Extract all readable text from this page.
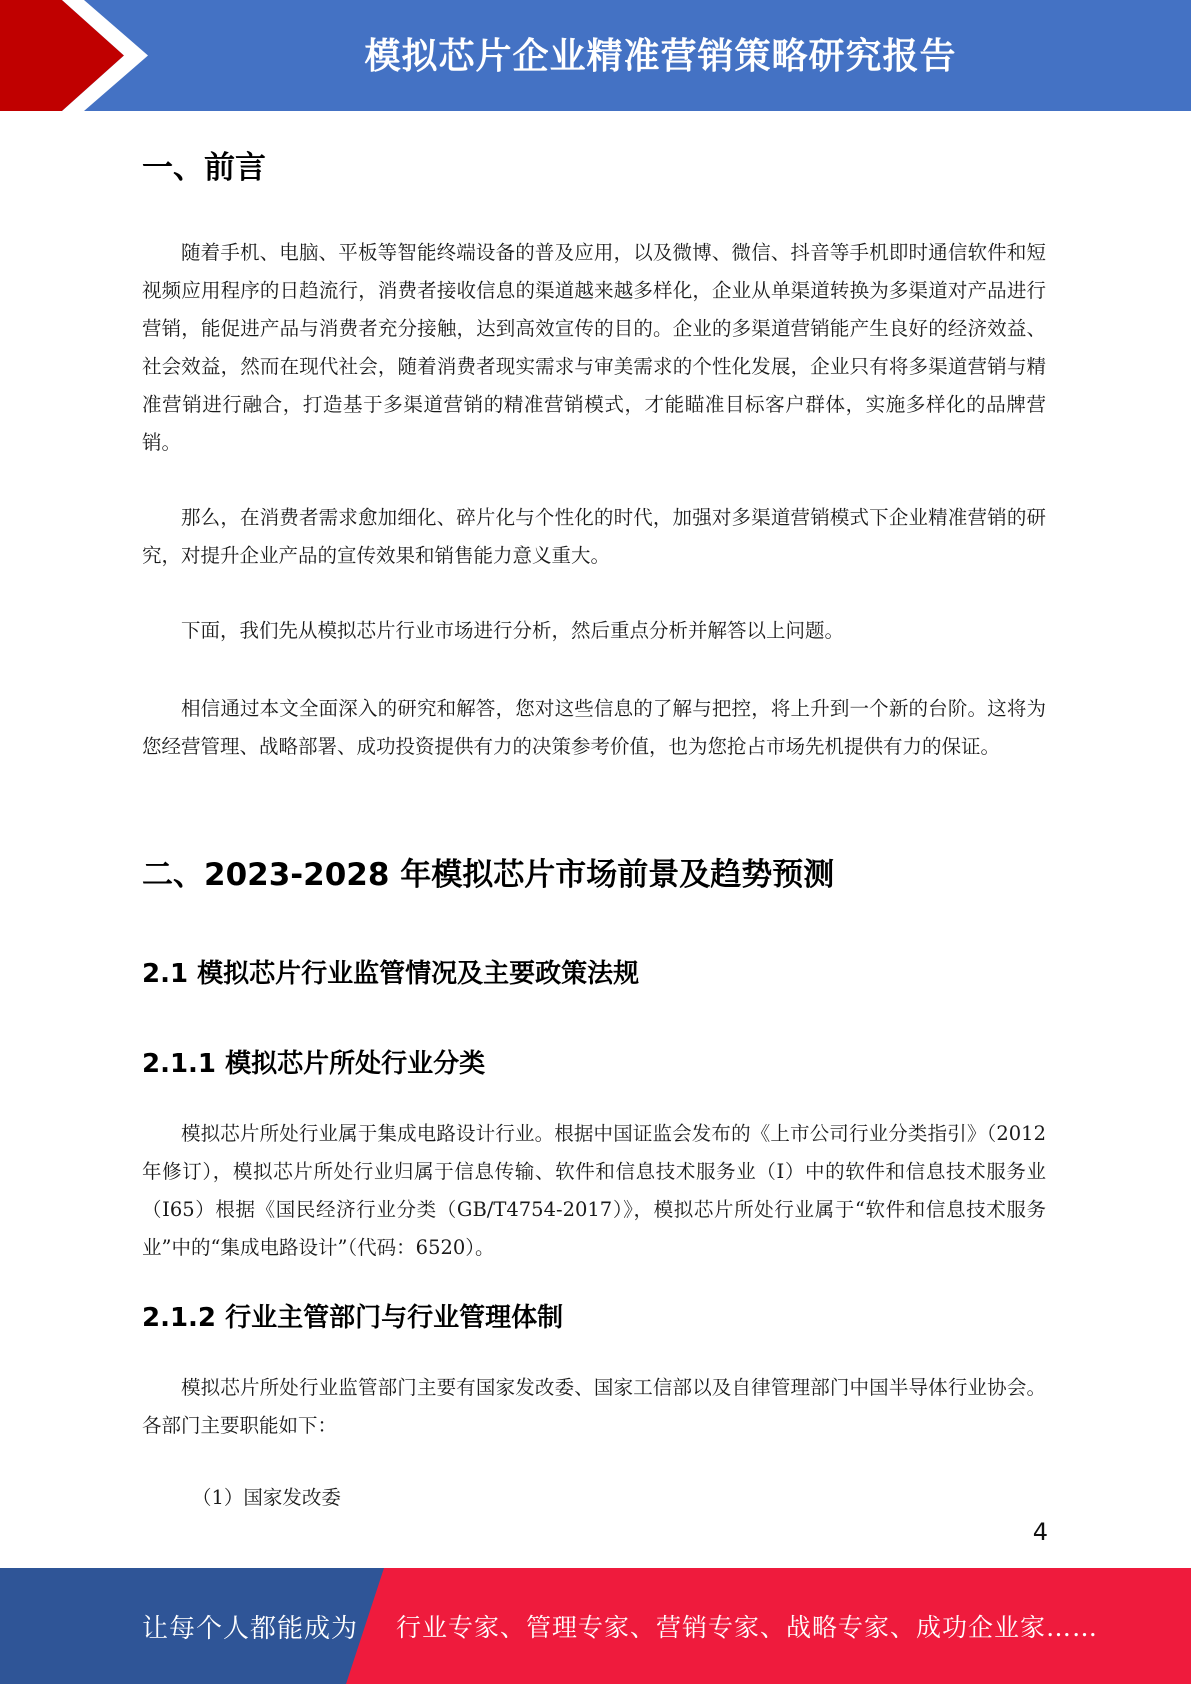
模拟芯片企业精准营销策略研究报告
一、前言

随着手机、电脑、平板等智能终端设备的普及应用，以及微博、微信、抖音等手机即时通信软件和短视频应用程序的日趋流行，消费者接收信息的渠道越来越多样化，企业从单渠道转换为多渠道对产品进行营销，能促进产品与消费者充分接触，达到高效宣传的目的。企业的多渠道营销能产生良好的经济效益、社会效益，然而在现代社会，随着消费者现实需求与审美需求的个性化发展，企业只有将多渠道营销与精准营销进行融合，打造基于多渠道营销的精准营销模式，才能瞄准目标客户群体，实施多样化的品牌营销。

那么，在消费者需求愈加细化、碎片化与个性化的时代，加强对多渠道营销模式下企业精准营销的研究，对提升企业产品的宣传效果和销售能力意义重大。

下面，我们先从模拟芯片行业市场进行分析，然后重点分析并解答以上问题。

相信通过本文全面深入的研究和解答，您对这些信息的了解与把控，将上升到一个新的台阶。这将为您经营管理、战略部署、成功投资提供有力的决策参考价值，也为您抢占市场先机提供有力的保证。

二、2023-2028 年模拟芯片市场前景及趋势预测
2.1 模拟芯片行业监管情况及主要政策法规
2.1.1 模拟芯片所处行业分类

模拟芯片所处行业属于集成电路设计行业。根据中国证监会发布的《上市公司行业分类指引》（2012 年修订），模拟芯片所处行业归属于信息传输、软件和信息技术服务业（I）中的软件和信息技术服务业（I65）根据《国民经济行业分类（GB/T4754-2017）》，模拟芯片所处行业属于“软件和信息技术服务业”中的“集成电路设计”（代码：6520）。

2.1.2 行业主管部门与行业管理体制

模拟芯片所处行业监管部门主要有国家发改委、国家工信部以及自律管理部门中国半导体行业协会。各部门主要职能如下：

（1）国家发改委
4
让每个人都能成为 行业专家、管理专家、营销专家、战略专家、成功企业家……
